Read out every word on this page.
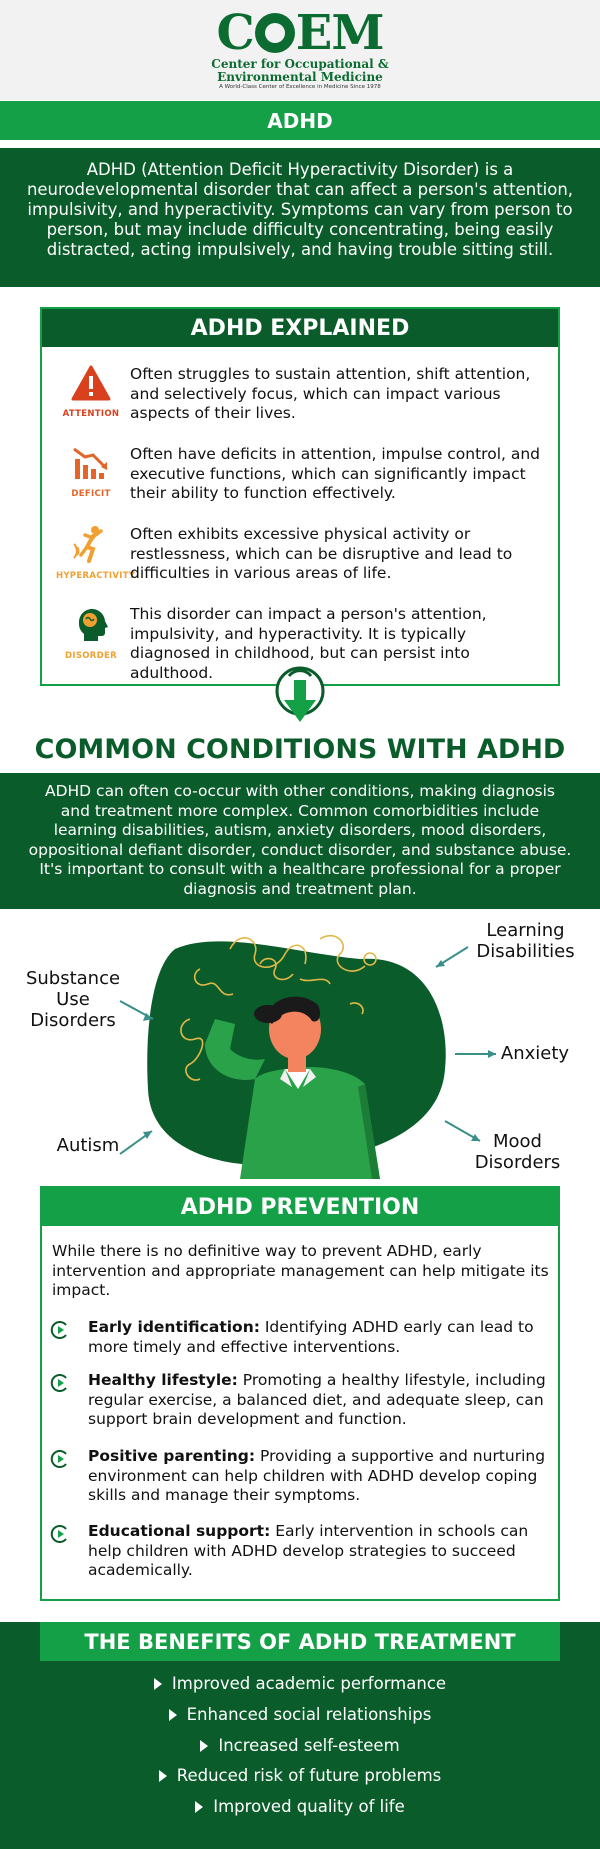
C EM
Center for Occupational &
Environmental Medicine
A World-Class Center of Excellence in Medicine Since 1978
ADHD
ADHD (Attention Deficit Hyperactivity Disorder) is a neurodevelopmental disorder that can affect a person's attention, impulsivity, and hyperactivity. Symptoms can vary from person to person, but may include difficulty concentrating, being easily distracted, acting impulsively, and having trouble sitting still.
ADHD EXPLAINED
ATTENTION
Often struggles to sustain attention, shift attention, and selectively focus, which can impact various aspects of their lives.
DEFICIT
Often have deficits in attention, impulse control, and executive functions, which can significantly impact their ability to function effectively.
HYPERACTIVITY
Often exhibits excessive physical activity or restlessness, which can be disruptive and lead to difficulties in various areas of life.
DISORDER
This disorder can impact a person's attention, impulsivity, and hyperactivity. It is typically diagnosed in childhood, but can persist into adulthood.
COMMON CONDITIONS WITH ADHD
ADHD can often co-occur with other conditions, making diagnosis and treatment more complex. Common comorbidities include learning disabilities, autism, anxiety disorders, mood disorders, oppositional defiant disorder, conduct disorder, and substance abuse. It's important to consult with a healthcare professional for a proper diagnosis and treatment plan.
Substance
Use
Disorders
Learning
Disabilities
Anxiety
Autism	Mood
Disorders
ADHD PREVENTION
While there is no definitive way to prevent ADHD, early intervention and appropriate management can help mitigate its impact.
Early identification: Identifying ADHD early can lead to more timely and effective interventions.
Healthy lifestyle: Promoting a healthy lifestyle, including regular exercise, a balanced diet, and adequate sleep, can support brain development and function.
Positive parenting: Providing a supportive and nurturing environment can help children with ADHD develop coping skills and manage their symptoms.
Educational support: Early intervention in schools can help children with ADHD develop strategies to succeed academically.
THE BENEFITS OF ADHD TREATMENT
Improved academic performance
Enhanced social relationships
Increased self-esteem
Reduced risk of future problems
Improved quality of life
